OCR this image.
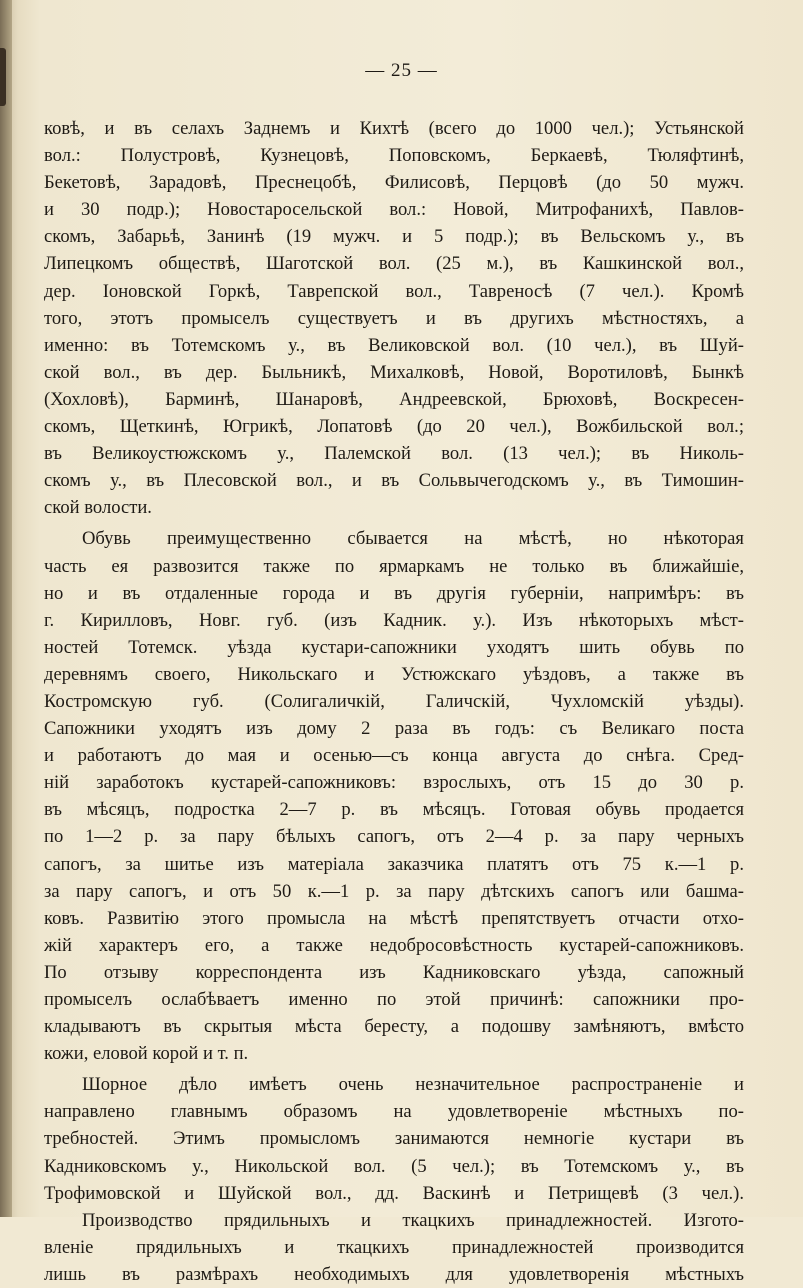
— 25 —
ковѣ, и въ селахъ Заднемъ и Кихтѣ (всего до 1000 чел.); Устьянской
вол.: Полустровѣ, Кузнецовѣ, Поповскомъ, Беркаевѣ, Тюляфтинѣ,
Бекетовѣ, Зарадовѣ, Преснецобѣ, Филисовѣ, Перцовѣ (до 50 мужч.
и 30 подр.); Новостаросельской вол.: Новой, Митрофанихѣ, Павлов-
скомъ, Забарьѣ, Занинѣ (19 мужч. и 5 подр.); въ Вельскомъ у., въ
Липецкомъ обществѣ, Шаготской вол. (25 м.), въ Кашкинской вол.,
дер. Іоновской Горкѣ, Таврепской вол., Тавреносѣ (7 чел.). Кромѣ
того, этотъ промыселъ существуетъ и въ другихъ мѣстностяхъ, а
именно: въ Тотемскомъ у., въ Великовской вол. (10 чел.), въ Шуй-
ской вол., въ дер. Быльникѣ, Михалковѣ, Новой, Воротиловѣ, Бынкѣ
(Хохловѣ), Барминѣ, Шанаровѣ, Андреевской, Брюховѣ, Воскресен-
скомъ, Щеткинѣ, Югрикѣ, Лопатовѣ (до 20 чел.), Вожбильской вол.;
въ Великоустюжскомъ у., Палемской вол. (13 чел.); въ Николь-
скомъ у., въ Плесовской вол., и въ Сольвычегодскомъ у., въ Тимошин-
ской волости.
Обувь преимущественно сбывается на мѣстѣ, но нѣкоторая
часть ея развозится также по ярмаркамъ не только въ ближайшіе,
но и въ отдаленные города и въ другія губерніи, напримѣръ: въ
г. Кирилловъ, Новг. губ. (изъ Кадник. у.). Изъ нѣкоторыхъ мѣст-
ностей Тотемск. уѣзда кустари-сапожники уходятъ шить обувь по
деревнямъ своего, Никольскаго и Устюжскаго уѣздовъ, а также въ
Костромскую губ. (Солигаличкій, Галичскій, Чухломскій уѣзды).
Сапожники уходятъ изъ дому 2 раза въ годъ: съ Великаго поста
и работаютъ до мая и осенью—съ конца августа до снѣга. Сред-
ній заработокъ кустарей-сапожниковъ: взрослыхъ, отъ 15 до 30 р.
въ мѣсяцъ, подростка 2—7 р. въ мѣсяцъ. Готовая обувь продается
по 1—2 р. за пару бѣлыхъ сапогъ, отъ 2—4 р. за пару черныхъ
сапогъ, за шитье изъ матеріала заказчика платятъ отъ 75 к.—1 р.
за пару сапогъ, и отъ 50 к.—1 р. за пару дѣтскихъ сапогъ или башма-
ковъ. Развитію этого промысла на мѣстѣ препятствуетъ отчасти отхо-
жій характеръ его, а также недобросовѣстность кустарей-сапожниковъ.
По отзыву корреспондента изъ Кадниковскаго уѣзда, сапожный
промыселъ ослабѣваетъ именно по этой причинѣ: сапожники про-
кладываютъ въ скрытыя мѣста бересту, а подошву замѣняютъ, вмѣсто
кожи, еловой корой и т. п.
Шорное дѣло имѣетъ очень незначительное распространеніе и
направлено главнымъ образомъ на удовлетвореніе мѣстныхъ по-
требностей. Этимъ промысломъ занимаются немногіе кустари въ
Кадниковскомъ у., Никольской вол. (5 чел.); въ Тотемскомъ у., въ
Трофимовской и Шуйской вол., дд. Васкинѣ и Петрищевѣ (3 чел.).
Производство прядильныхъ и ткацкихъ принадлежностей. Изгото-
вленіе прядильныхъ и ткацкихъ принадлежностей производится
лишь въ размѣрахъ необходимыхъ для удовлетворенія мѣстныхъ
